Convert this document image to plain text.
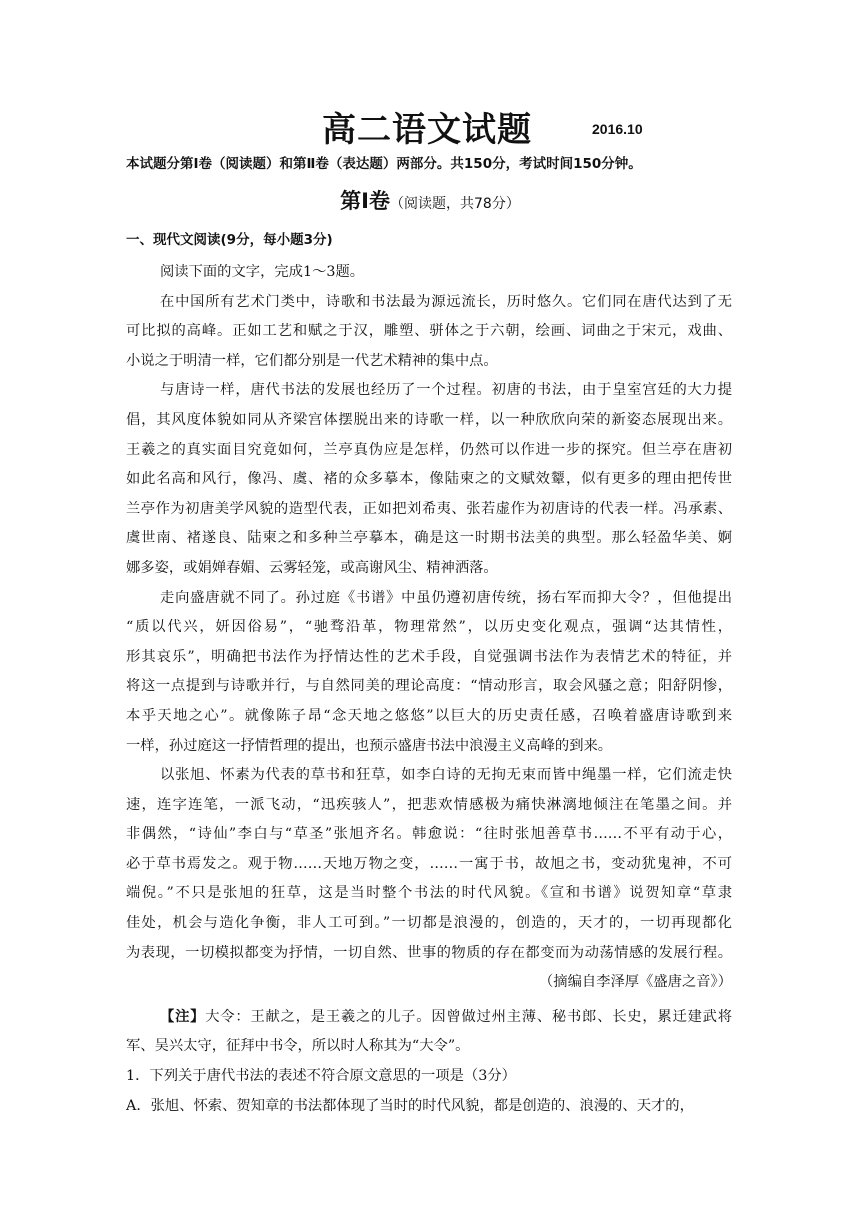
高二语文试题	2016.10
本试题分第Ⅰ卷（阅读题）和第Ⅱ卷（表达题）两部分。共150分，考试时间150分钟。
第Ⅰ卷（阅读题，共78分）
一、现代文阅读(9分，每小题3分)
阅读下面的文字，完成1～3题。
在中国所有艺术门类中，诗歌和书法最为源远流长，历时悠久。它们同在唐代达到了无
可比拟的高峰。正如工艺和赋之于汉，雕塑、骈体之于六朝，绘画、词曲之于宋元，戏曲、
小说之于明清一样，它们都分别是一代艺术精神的集中点。
与唐诗一样，唐代书法的发展也经历了一个过程。初唐的书法，由于皇室宫廷的大力提
倡，其风度体貌如同从齐梁宫体摆脱出来的诗歌一样，以一种欣欣向荣的新姿态展现出来。
王羲之的真实面目究竟如何，兰亭真伪应是怎样，仍然可以作进一步的探究。但兰亭在唐初
如此名高和风行，像冯、虞、褚的众多摹本，像陆柬之的文赋效颦，似有更多的理由把传世
兰亭作为初唐美学风貌的造型代表，正如把刘希夷、张若虚作为初唐诗的代表一样。冯承素、
虞世南、褚遂良、陆柬之和多种兰亭摹本，确是这一时期书法美的典型。那么轻盈华美、婀
娜多姿，或娟婵春媚、云雾轻笼，或高谢风尘、精神洒落。
走向盛唐就不同了。孙过庭《书谱》中虽仍遵初唐传统，扬右军而抑大令？，但他提出
“质以代兴，妍因俗易”，“驰骛沿革，物理常然”，以历史变化观点，强调“达其情性，
形其哀乐”，明确把书法作为抒情达性的艺术手段，自觉强调书法作为表情艺术的特征，并
将这一点提到与诗歌并行，与自然同美的理论高度：“情动形言，取会风骚之意；阳舒阴惨，
本乎天地之心”。就像陈子昂“念天地之悠悠”以巨大的历史责任感，召唤着盛唐诗歌到来
一样，孙过庭这一抒情哲理的提出，也预示盛唐书法中浪漫主义高峰的到来。
以张旭、怀素为代表的草书和狂草，如李白诗的无拘无束而皆中绳墨一样，它们流走快
速，连字连笔，一派飞动，“迅疾骇人”，把悲欢情感极为痛快淋漓地倾注在笔墨之间。并
非偶然，“诗仙”李白与“草圣”张旭齐名。韩愈说：“往时张旭善草书……不平有动于心，
必于草书焉发之。观于物……天地万物之变，……一寓于书，故旭之书，变动犹鬼神，不可
端倪。”不只是张旭的狂草，这是当时整个书法的时代风貌。《宣和书谱》说贺知章“草隶
佳处，机会与造化争衡，非人工可到。”一切都是浪漫的，创造的，天才的，一切再现都化
为表现，一切模拟都变为抒情，一切自然、世事的物质的存在都变而为动荡情感的发展行程。
（摘编自李泽厚《盛唐之音》）
【注】大令：王献之，是王羲之的儿子。因曾做过州主薄、秘书郎、长史，累迁建武将
军、吴兴太守，征拜中书令，所以时人称其为“大令”。
1．下列关于唐代书法的表述不符合原文意思的一项是（3分）
A．张旭、怀索、贺知章的书法都体现了当时的时代风貌，都是创造的、浪漫的、天才的，
